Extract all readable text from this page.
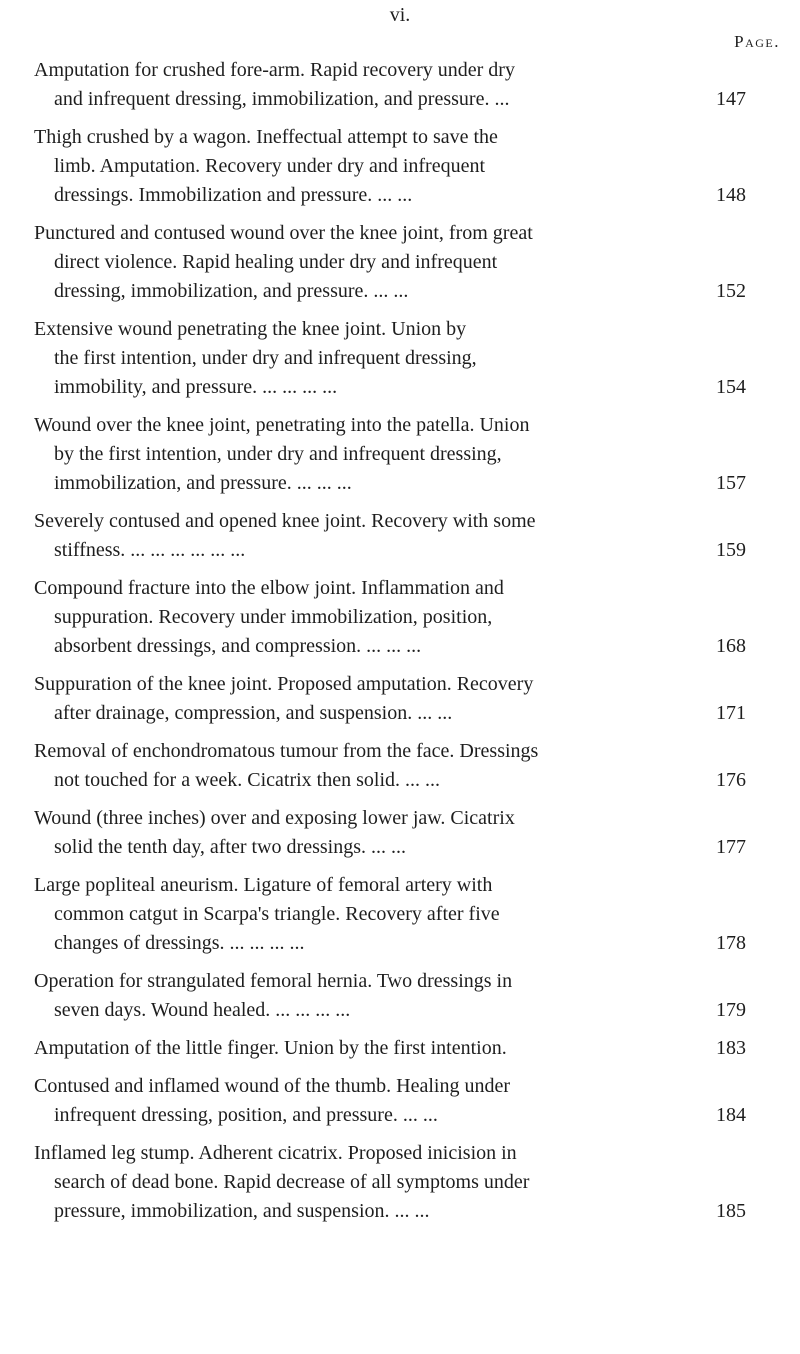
vi.
Page.
Amputation for crushed fore-arm. Rapid recovery under dry
and infrequent dressing, immobilization, and pressure. ...	147
Thigh crushed by a wagon. Ineffectual attempt to save the
limb. Amputation. Recovery under dry and infrequent
dressings. Immobilization and pressure. ... ...	148
Punctured and contused wound over the knee joint, from great
direct violence. Rapid healing under dry and infrequent
dressing, immobilization, and pressure. ... ...	152
Extensive wound penetrating the knee joint. Union by
the first intention, under dry and infrequent dressing,
immobility, and pressure. ... ... ... ...	154
Wound over the knee joint, penetrating into the patella. Union
by the first intention, under dry and infrequent dressing,
immobilization, and pressure. ... ... ...	157
Severely contused and opened knee joint. Recovery with some
stiffness. ... ... ... ... ... ...	159
Compound fracture into the elbow joint. Inflammation and
suppuration. Recovery under immobilization, position,
absorbent dressings, and compression. ... ... ...	168
Suppuration of the knee joint. Proposed amputation. Recovery
after drainage, compression, and suspension. ... ...	171
Removal of enchondromatous tumour from the face. Dressings
not touched for a week. Cicatrix then solid. ... ...	176
Wound (three inches) over and exposing lower jaw. Cicatrix
solid the tenth day, after two dressings. ... ...	177
Large popliteal aneurism. Ligature of femoral artery with
common catgut in Scarpa's triangle. Recovery after five
changes of dressings. ... ... ... ...	178
Operation for strangulated femoral hernia. Two dressings in
seven days. Wound healed. ... ... ... ...	179
Amputation of the little finger. Union by the first intention.	183
Contused and inflamed wound of the thumb. Healing under
infrequent dressing, position, and pressure. ... ...	184
Inflamed leg stump. Adherent cicatrix. Proposed inicision in
search of dead bone. Rapid decrease of all symptoms under
pressure, immobilization, and suspension. ... ...	185
